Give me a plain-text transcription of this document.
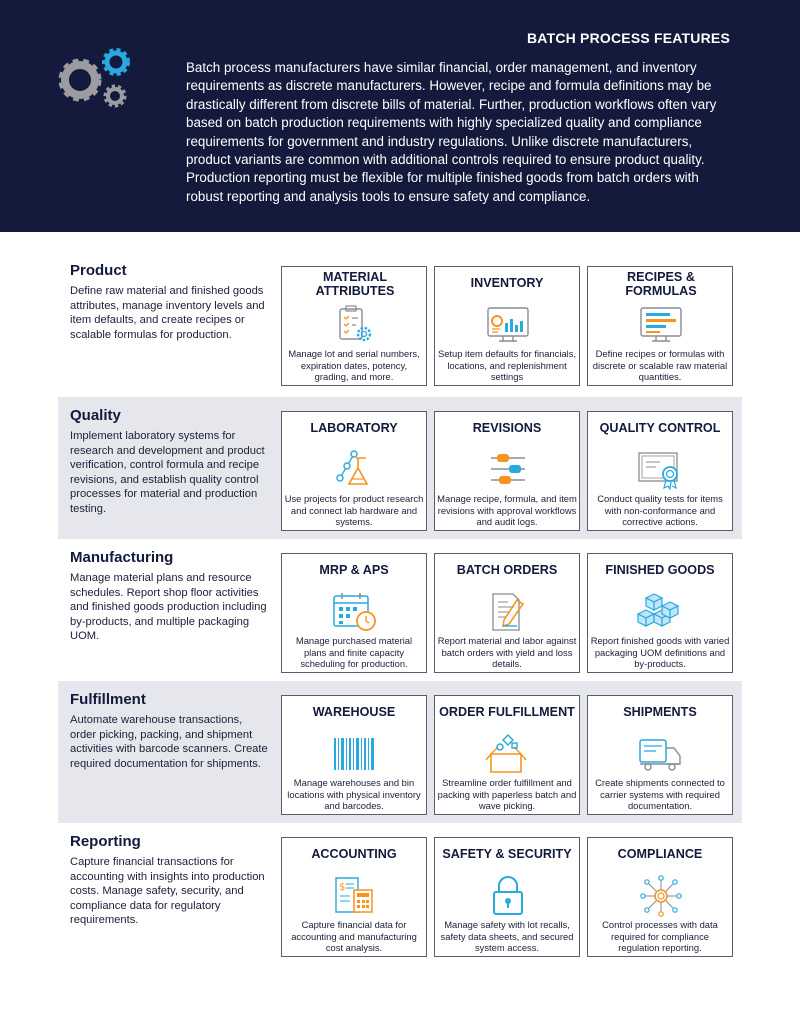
BATCH PROCESS FEATURES
Batch process manufacturers have similar financial, order management, and inventory requirements as discrete manufacturers. However, recipe and formula definitions may be drastically different from discrete bills of material. Further, production workflows often vary based on batch production requirements with highly specialized quality and compliance requirements for government and industry regulations. Unlike discrete manufacturers, product variants are common with additional controls required to ensure product quality. Production reporting must be flexible for multiple finished goods from batch orders with robust reporting and analysis tools to ensure safety and compliance.
Product
Define raw material and finished goods attributes, manage inventory levels and item defaults, and create recipes or scalable formulas for production.
MATERIAL ATTRIBUTES
Manage lot and serial numbers, expiration dates, potency, grading, and more.
INVENTORY
Setup item defaults for financials, locations, and replenishment settings
RECIPES & FORMULAS
Define recipes or formulas with discrete or scalable raw material quantities.
Quality
Implement laboratory systems for research and development and product verification, control formula and recipe revisions, and establish quality control processes for material and production testing.
LABORATORY
Use projects for product research and connect lab hardware and systems.
REVISIONS
Manage recipe, formula, and item revisions with approval workflows and audit logs.
QUALITY CONTROL
Conduct quality tests for items with non-conformance and corrective actions.
Manufacturing
Manage material plans and resource schedules. Report shop floor activities and finished goods production including by-products, and multiple packaging UOM.
MRP & APS
Manage purchased material plans and finite capacity scheduling for production.
BATCH ORDERS
Report material and labor against batch orders with yield and loss details.
FINISHED GOODS
Report finished goods with varied packaging UOM definitions and by-products.
Fulfillment
Automate warehouse transactions, order picking, packing, and shipment activities with barcode scanners. Create required documentation for shipments.
WAREHOUSE
Manage warehouses and bin locations with physical inventory and barcodes.
ORDER FULFILLMENT
Streamline order fulfillment and packing with paperless batch and wave picking.
SHIPMENTS
Create shipments connected to carrier systems with required documentation.
Reporting
Capture financial transactions for accounting with insights into production costs. Manage safety, security, and compliance data for regulatory requirements.
ACCOUNTING
$
Capture financial data for accounting and manufacturing cost analysis.
SAFETY & SECURITY
Manage safety with lot recalls, safety data sheets, and secured system access.
COMPLIANCE
Control processes with data required for compliance regulation reporting.
